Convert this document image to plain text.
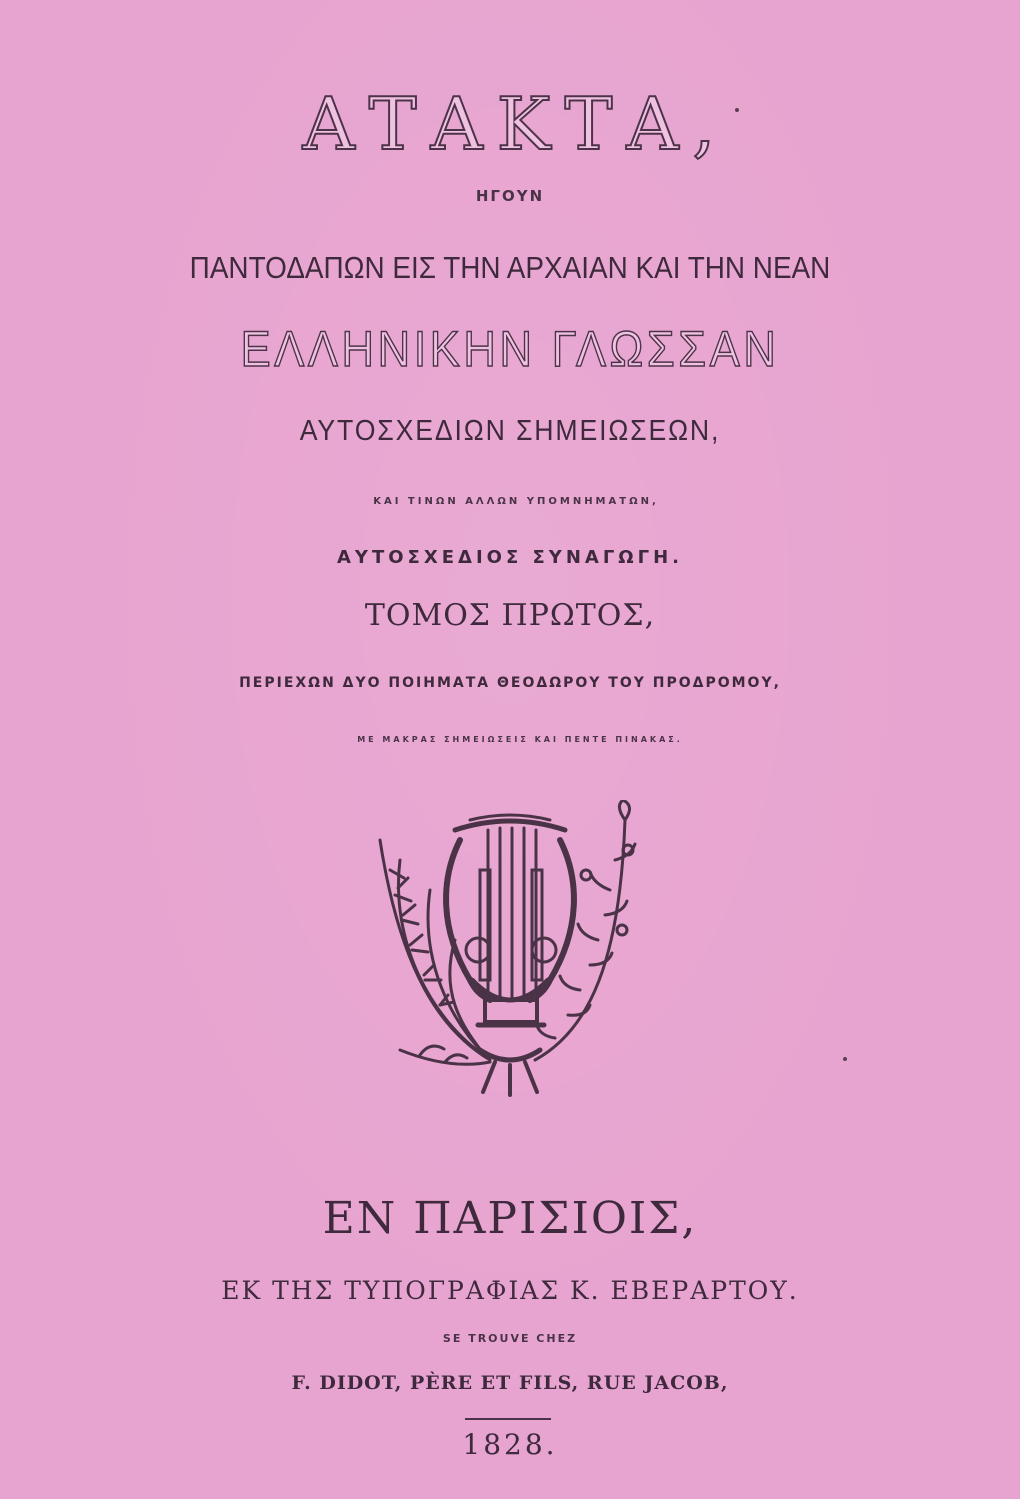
ΑΤΑΚΤΑ,
ΗΓΟΥΝ
ΠΑΝΤΟΔΑΠΩΝ ΕΙΣ ΤΗΝ ΑΡΧΑΙΑΝ ΚΑΙ ΤΗΝ ΝΕΑΝ
ΕΛΛΗΝΙΚΗΝ ΓΛΩΣΣΑΝ
ΑΥΤΟΣΧΕΔΙΩΝ ΣΗΜΕΙΩΣΕΩΝ,
ΚΑΙ ΤΙΝΩΝ ΑΛΛΩΝ ΥΠΟΜΝΗΜΑΤΩΝ,
ΑΥΤΟΣΧΕΔΙΟΣ ΣΥΝΑΓΩΓΗ.
ΤΟΜΟΣ ΠΡΩΤΟΣ,
ΠΕΡΙΕΧΩΝ ΔΥΟ ΠΟΙΗΜΑΤΑ ΘΕΟΔΩΡΟΥ ΤΟΥ ΠΡΟΔΡΟΜΟΥ,
ΜΕ ΜΑΚΡΑΣ ΣΗΜΕΙΩΣΕΙΣ ΚΑΙ ΠΕΝΤΕ ΠΙΝΑΚΑΣ.
ΕΝ ΠΑΡΙΣΙΟΙΣ,
ΕΚ ΤΗΣ ΤΥΠΟΓΡΑΦΙΑΣ Κ. ΕΒΕΡΑΡΤΟΥ.
SE TROUVE CHEZ
F. DIDOT, PÈRE ET FILS, RUE JACOB,
1828.
